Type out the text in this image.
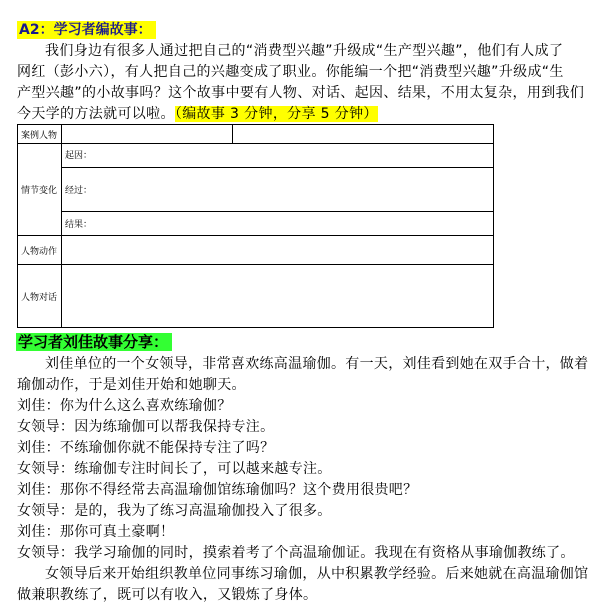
A2：学习者编故事：
我们身边有很多人通过把自己的“消费型兴趣”升级成“生产型兴趣”，他们有人成了
网红（彭小六），有人把自己的兴趣变成了职业。你能编一个把“消费型兴趣”升级成“生
产型兴趣”的小故事吗？这个故事中要有人物、对话、起因、结果，不用太复杂，用到我们
今天学的方法就可以啦。（编故事 3 分钟，分享 5 分钟）
案例人物		
情节变化	起因：	
	经过：	
	结果：	
人物动作		
人物对话		
学习者刘佳故事分享：
刘佳单位的一个女领导，非常喜欢练高温瑜伽。有一天，刘佳看到她在双手合十，做着
瑜伽动作，于是刘佳开始和她聊天。
刘佳：你为什么这么喜欢练瑜伽？
女领导：因为练瑜伽可以帮我保持专注。
刘佳：不练瑜伽你就不能保持专注了吗？
女领导：练瑜伽专注时间长了，可以越来越专注。
刘佳：那你不得经常去高温瑜伽馆练瑜伽吗？这个费用很贵吧？
女领导：是的，我为了练习高温瑜伽投入了很多。
刘佳：那你可真土豪啊！
女领导：我学习瑜伽的同时，摸索着考了个高温瑜伽证。我现在有资格从事瑜伽教练了。
女领导后来开始组织教单位同事练习瑜伽，从中积累教学经验。后来她就在高温瑜伽馆
做兼职教练了，既可以有收入，又锻炼了身体。
